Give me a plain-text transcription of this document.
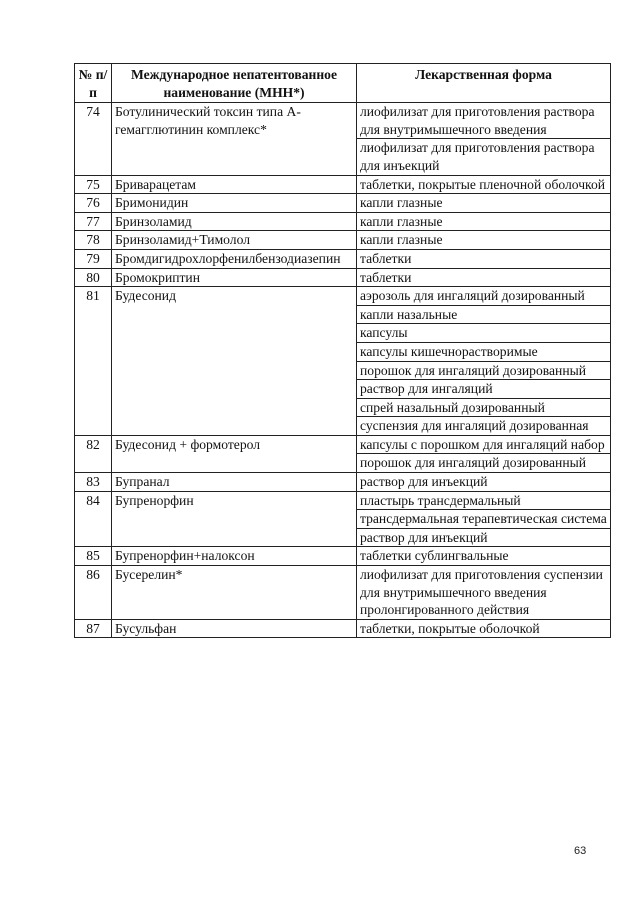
№ п/п	Международное непатентованное наименование (МНН*)	Лекарственная форма
74	Ботулинический токсин типа А-гемагглютинин комплекс*	лиофилизат для приготовления раствора для внутримышечного введения
		лиофилизат для приготовления раствора для инъекций
75	Бриварацетам	таблетки, покрытые пленочной оболочкой
76	Бримонидин	капли глазные
77	Бринзоламид	капли глазные
78	Бринзоламид+Тимолол	капли глазные
79	Бромдигидрохлорфенилбензодиазепин	таблетки
80	Бромокриптин	таблетки
81	Будесонид	аэрозоль для ингаляций дозированный
		капли назальные
		капсулы
		капсулы кишечнорастворимые
		порошок для ингаляций дозированный
		раствор для ингаляций
		спрей назальный дозированный
		суспензия для ингаляций дозированная
82	Будесонид + формотерол	капсулы с порошком для ингаляций набор
		порошок для ингаляций дозированный
83	Бупранал	раствор для инъекций
84	Бупренорфин	пластырь трансдермальный
		трансдермальная терапевтическая система
		раствор для инъекций
85	Бупренорфин+налоксон	таблетки сублингвальные
86	Бусерелин*	лиофилизат для приготовления суспензии для внутримышечного введения пролонгированного действия
87	Бусульфан	таблетки, покрытые оболочкой
63
